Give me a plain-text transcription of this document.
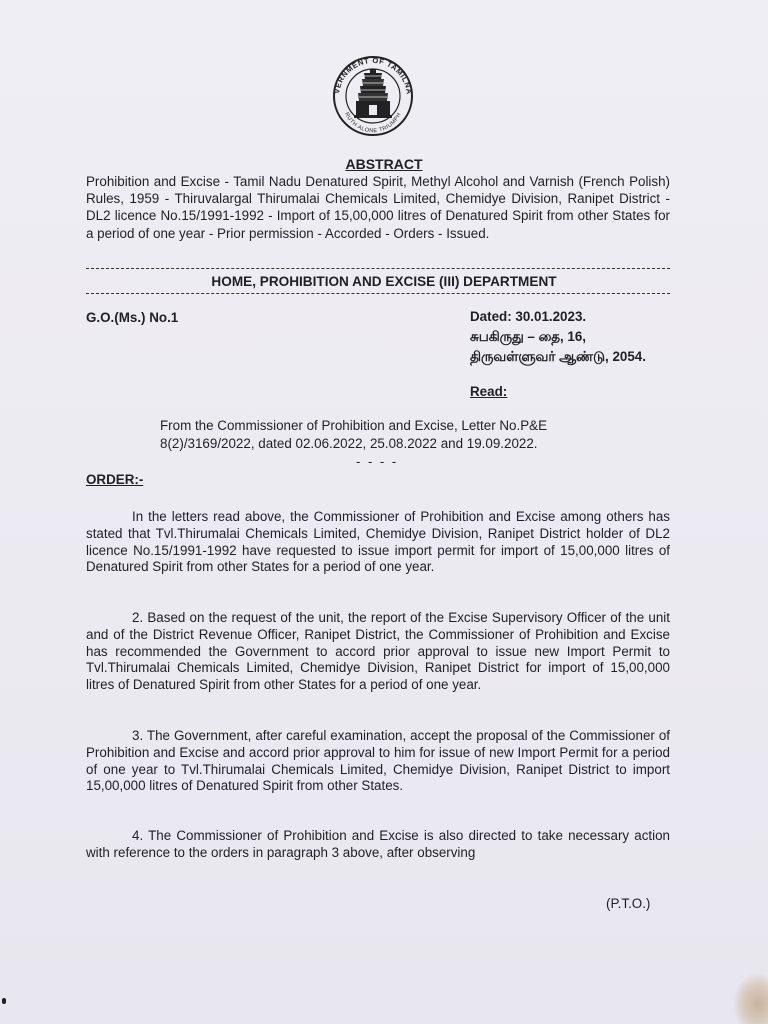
VERNMENT OF TAMILNA
RUTH ALONE TRIUMPH
ABSTRACT
Prohibition and Excise - Tamil Nadu Denatured Spirit, Methyl Alcohol and Varnish (French Polish) Rules, 1959 - Thiruvalargal Thirumalai Chemicals Limited, Chemidye Division, Ranipet District - DL2 licence No.15/1991-1992 - Import of 15,00,000 litres of Denatured Spirit from other States for a period of one year - Prior permission - Accorded - Orders - Issued.
HOME, PROHIBITION AND EXCISE (III) DEPARTMENT
G.O.(Ms.) No.1	Dated: 30.01.2023.
சுபகிருது – தை, 16,
திருவள்ளுவர் ஆண்டு, 2054.
Read:
From the Commissioner of Prohibition and Excise, Letter No.P&E 8(2)/3169/2022, dated 02.06.2022, 25.08.2022 and 19.09.2022.
- - - -
ORDER:-
In the letters read above, the Commissioner of Prohibition and Excise among others has stated that Tvl.Thirumalai Chemicals Limited, Chemidye Division, Ranipet District holder of DL2 licence No.15/1991-1992 have requested to issue import permit for import of 15,00,000 litres of Denatured Spirit from other States for a period of one year.
2. Based on the request of the unit, the report of the Excise Supervisory Officer of the unit and of the District Revenue Officer, Ranipet District, the Commissioner of Prohibition and Excise has recommended the Government to accord prior approval to issue new Import Permit to Tvl.Thirumalai Chemicals Limited, Chemidye Division, Ranipet District for import of 15,00,000 litres of Denatured Spirit from other States for a period of one year.
3. The Government, after careful examination, accept the proposal of the Commissioner of Prohibition and Excise and accord prior approval to him for issue of new Import Permit for a period of one year to Tvl.Thirumalai Chemicals Limited, Chemidye Division, Ranipet District to import 15,00,000 litres of Denatured Spirit from other States.
4. The Commissioner of Prohibition and Excise is also directed to take necessary action with reference to the orders in paragraph 3 above, after observing
(P.T.O.)
